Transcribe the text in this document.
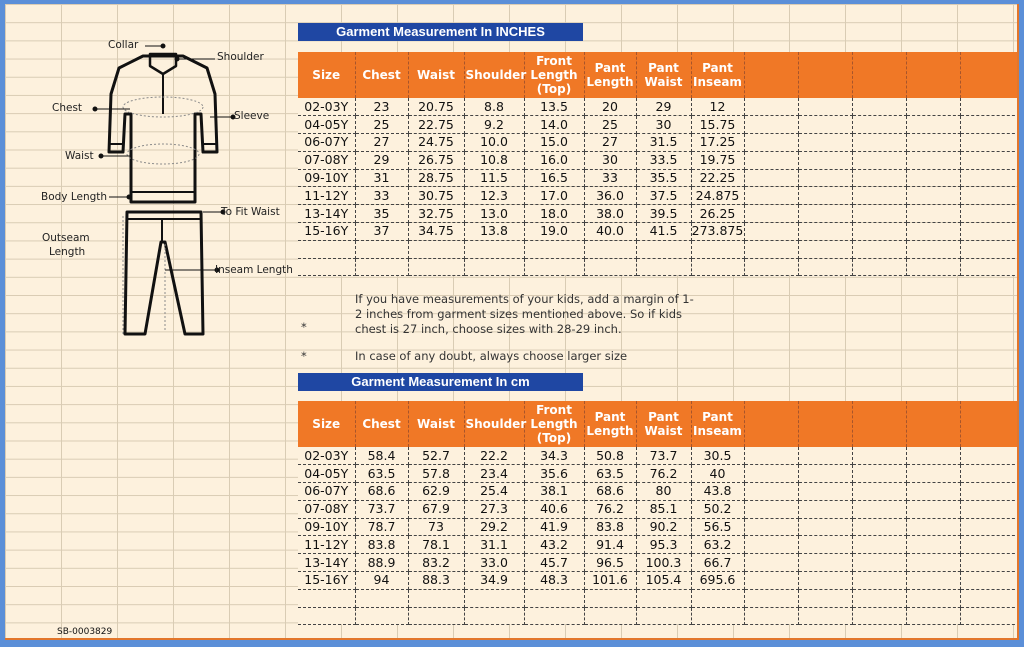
Collar
Shoulder
Chest
Sleeve
Waist
Body Length
To Fit Waist
Outseam
Length
Inseam Length
Garment Measurement In INCHES
Size	Chest	Waist	Shoulder	Front Length (Top)	Pant Length	Pant Waist	Pant Inseam					
02-03Y	23	20.75	8.8	13.5	20	29	12					
04-05Y	25	22.75	9.2	14.0	25	30	15.75					
06-07Y	27	24.75	10.0	15.0	27	31.5	17.25					
07-08Y	29	26.75	10.8	16.0	30	33.5	19.75					
09-10Y	31	28.75	11.5	16.5	33	35.5	22.25					
11-12Y	33	30.75	12.3	17.0	36.0	37.5	24.875					
13-14Y	35	32.75	13.0	18.0	38.0	39.5	26.25					
15-16Y	37	34.75	13.8	19.0	40.0	41.5	273.875					

*
If you have measurements of your kids, add a margin of 1-2 inches from garment sizes mentioned above. So if kids chest is 27 inch, choose sizes with 28-29 inch.
*	In case of any doubt, always choose larger size
Garment Measurement In cm
Size	Chest	Waist	Shoulder	Front Length (Top)	Pant Length	Pant Waist	Pant Inseam					
02-03Y	58.4	52.7	22.2	34.3	50.8	73.7	30.5					
04-05Y	63.5	57.8	23.4	35.6	63.5	76.2	40					
06-07Y	68.6	62.9	25.4	38.1	68.6	80	43.8					
07-08Y	73.7	67.9	27.3	40.6	76.2	85.1	50.2					
09-10Y	78.7	73	29.2	41.9	83.8	90.2	56.5					
11-12Y	83.8	78.1	31.1	43.2	91.4	95.3	63.2					
13-14Y	88.9	83.2	33.0	45.7	96.5	100.3	66.7					
15-16Y	94	88.3	34.9	48.3	101.6	105.4	695.6					

SB-0003829
